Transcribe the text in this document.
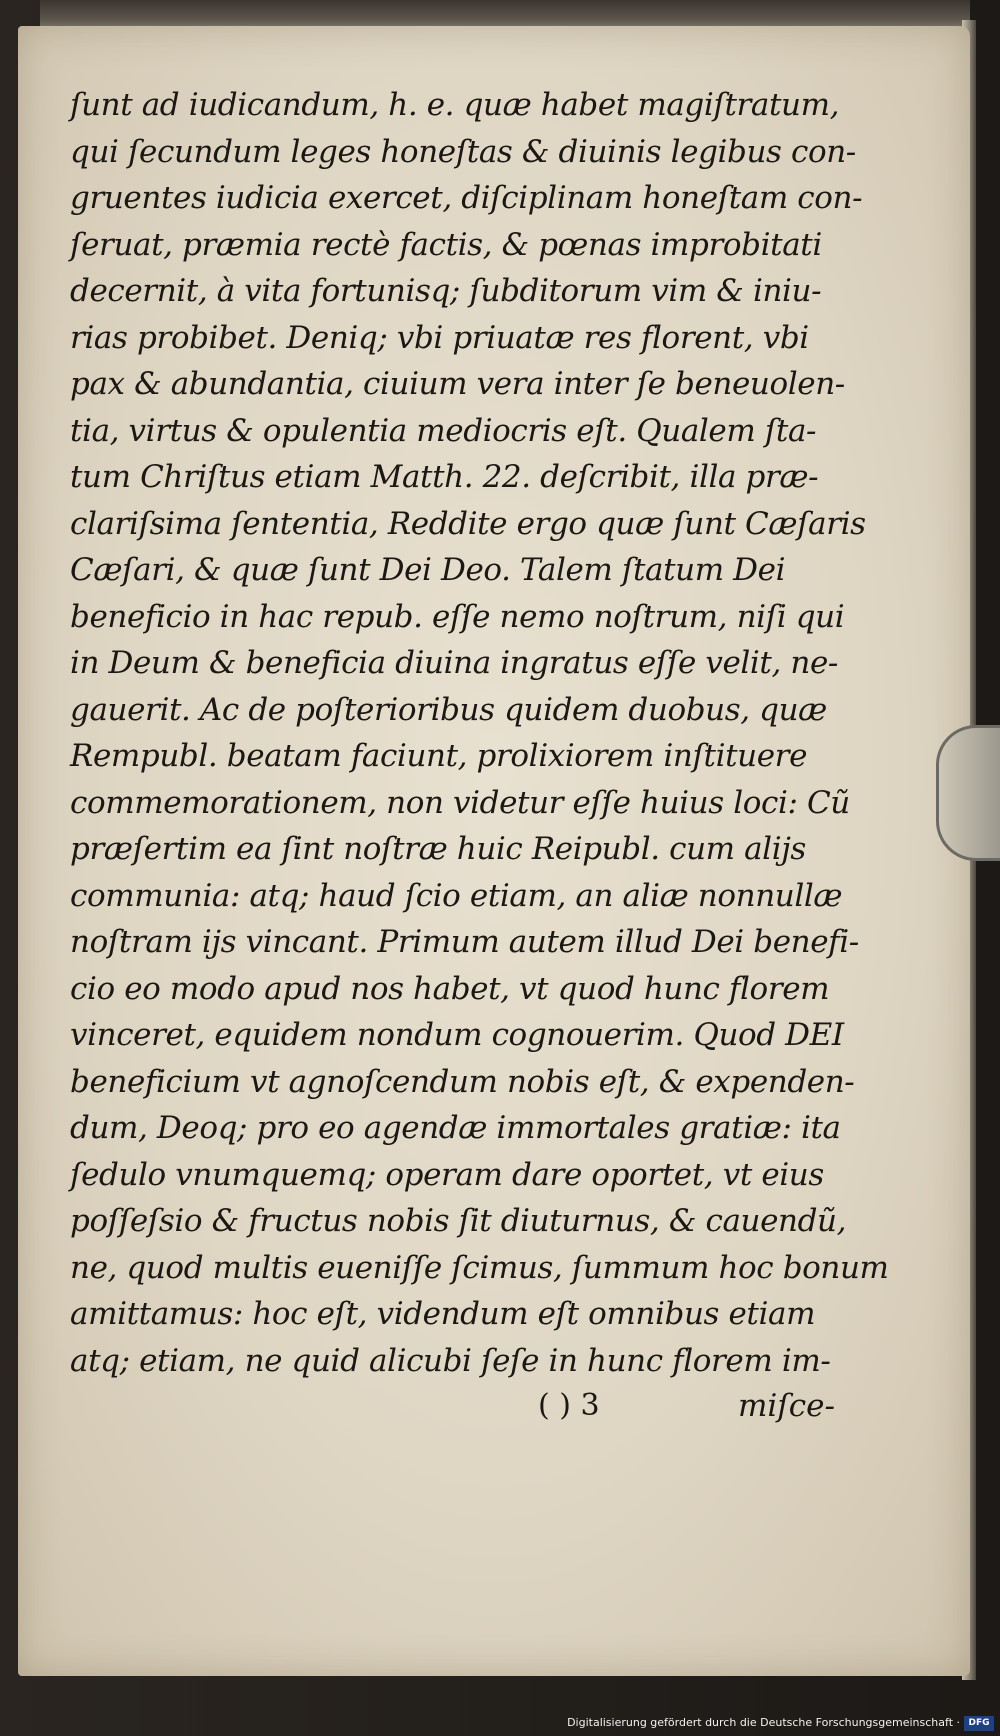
ſunt ad iudicandum, h. e. quæ habet magiſtratum,
qui ſecundum leges honeſtas & diuinis legibus con-
gruentes iudicia exercet, diſciplinam honeſtam con-
ſeruat, præmia rectè factis, & pœnas improbitati
decernit, à vita fortunisq; ſubditorum vim & iniu-
rias probibet. Deniq; vbi priuatæ res florent, vbi
pax & abundantia, ciuium vera inter ſe beneuolen-
tia, virtus & opulentia mediocris eſt. Qualem ſta-
tum Chriſtus etiam Matth. 22. deſcribit, illa præ-
clariſsima ſententia, Reddite ergo quæ ſunt Cæſaris
Cæſari, & quæ ſunt Dei Deo. Talem ſtatum Dei
beneficio in hac repub. eſſe nemo noſtrum, niſi qui
in Deum & beneficia diuina ingratus eſſe velit, ne-
gauerit. Ac de poſterioribus quidem duobus, quæ
Rempubl. beatam faciunt, prolixiorem inſtituere
commemorationem, non videtur eſſe huius loci: Cũ
præſertim ea ſint noſtræ huic Reipubl. cum alijs
communia: atq; haud ſcio etiam, an aliæ nonnullæ
noſtram ijs vincant. Primum autem illud Dei benefi-
cio eo modo apud nos habet, vt quod hunc florem
vinceret, equidem nondum cognouerim. Quod DEI
beneficium vt agnoſcendum nobis eſt, & expenden-
dum, Deoq; pro eo agendæ immortales gratiæ: ita
ſedulo vnumquemq; operam dare oportet, vt eius
poſſeſsio & fructus nobis ſit diuturnus, & cauendũ,
ne, quod multis eueniſſe ſcimus, ſummum hoc bonum
amittamus: hoc eſt, videndum eſt omnibus etiam
atq; etiam, ne quid alicubi ſeſe in hunc florem im-
( ) 3	miſce-
Digitalisierung gefördert durch die Deutsche Forschungsgemeinschaft · DFG
